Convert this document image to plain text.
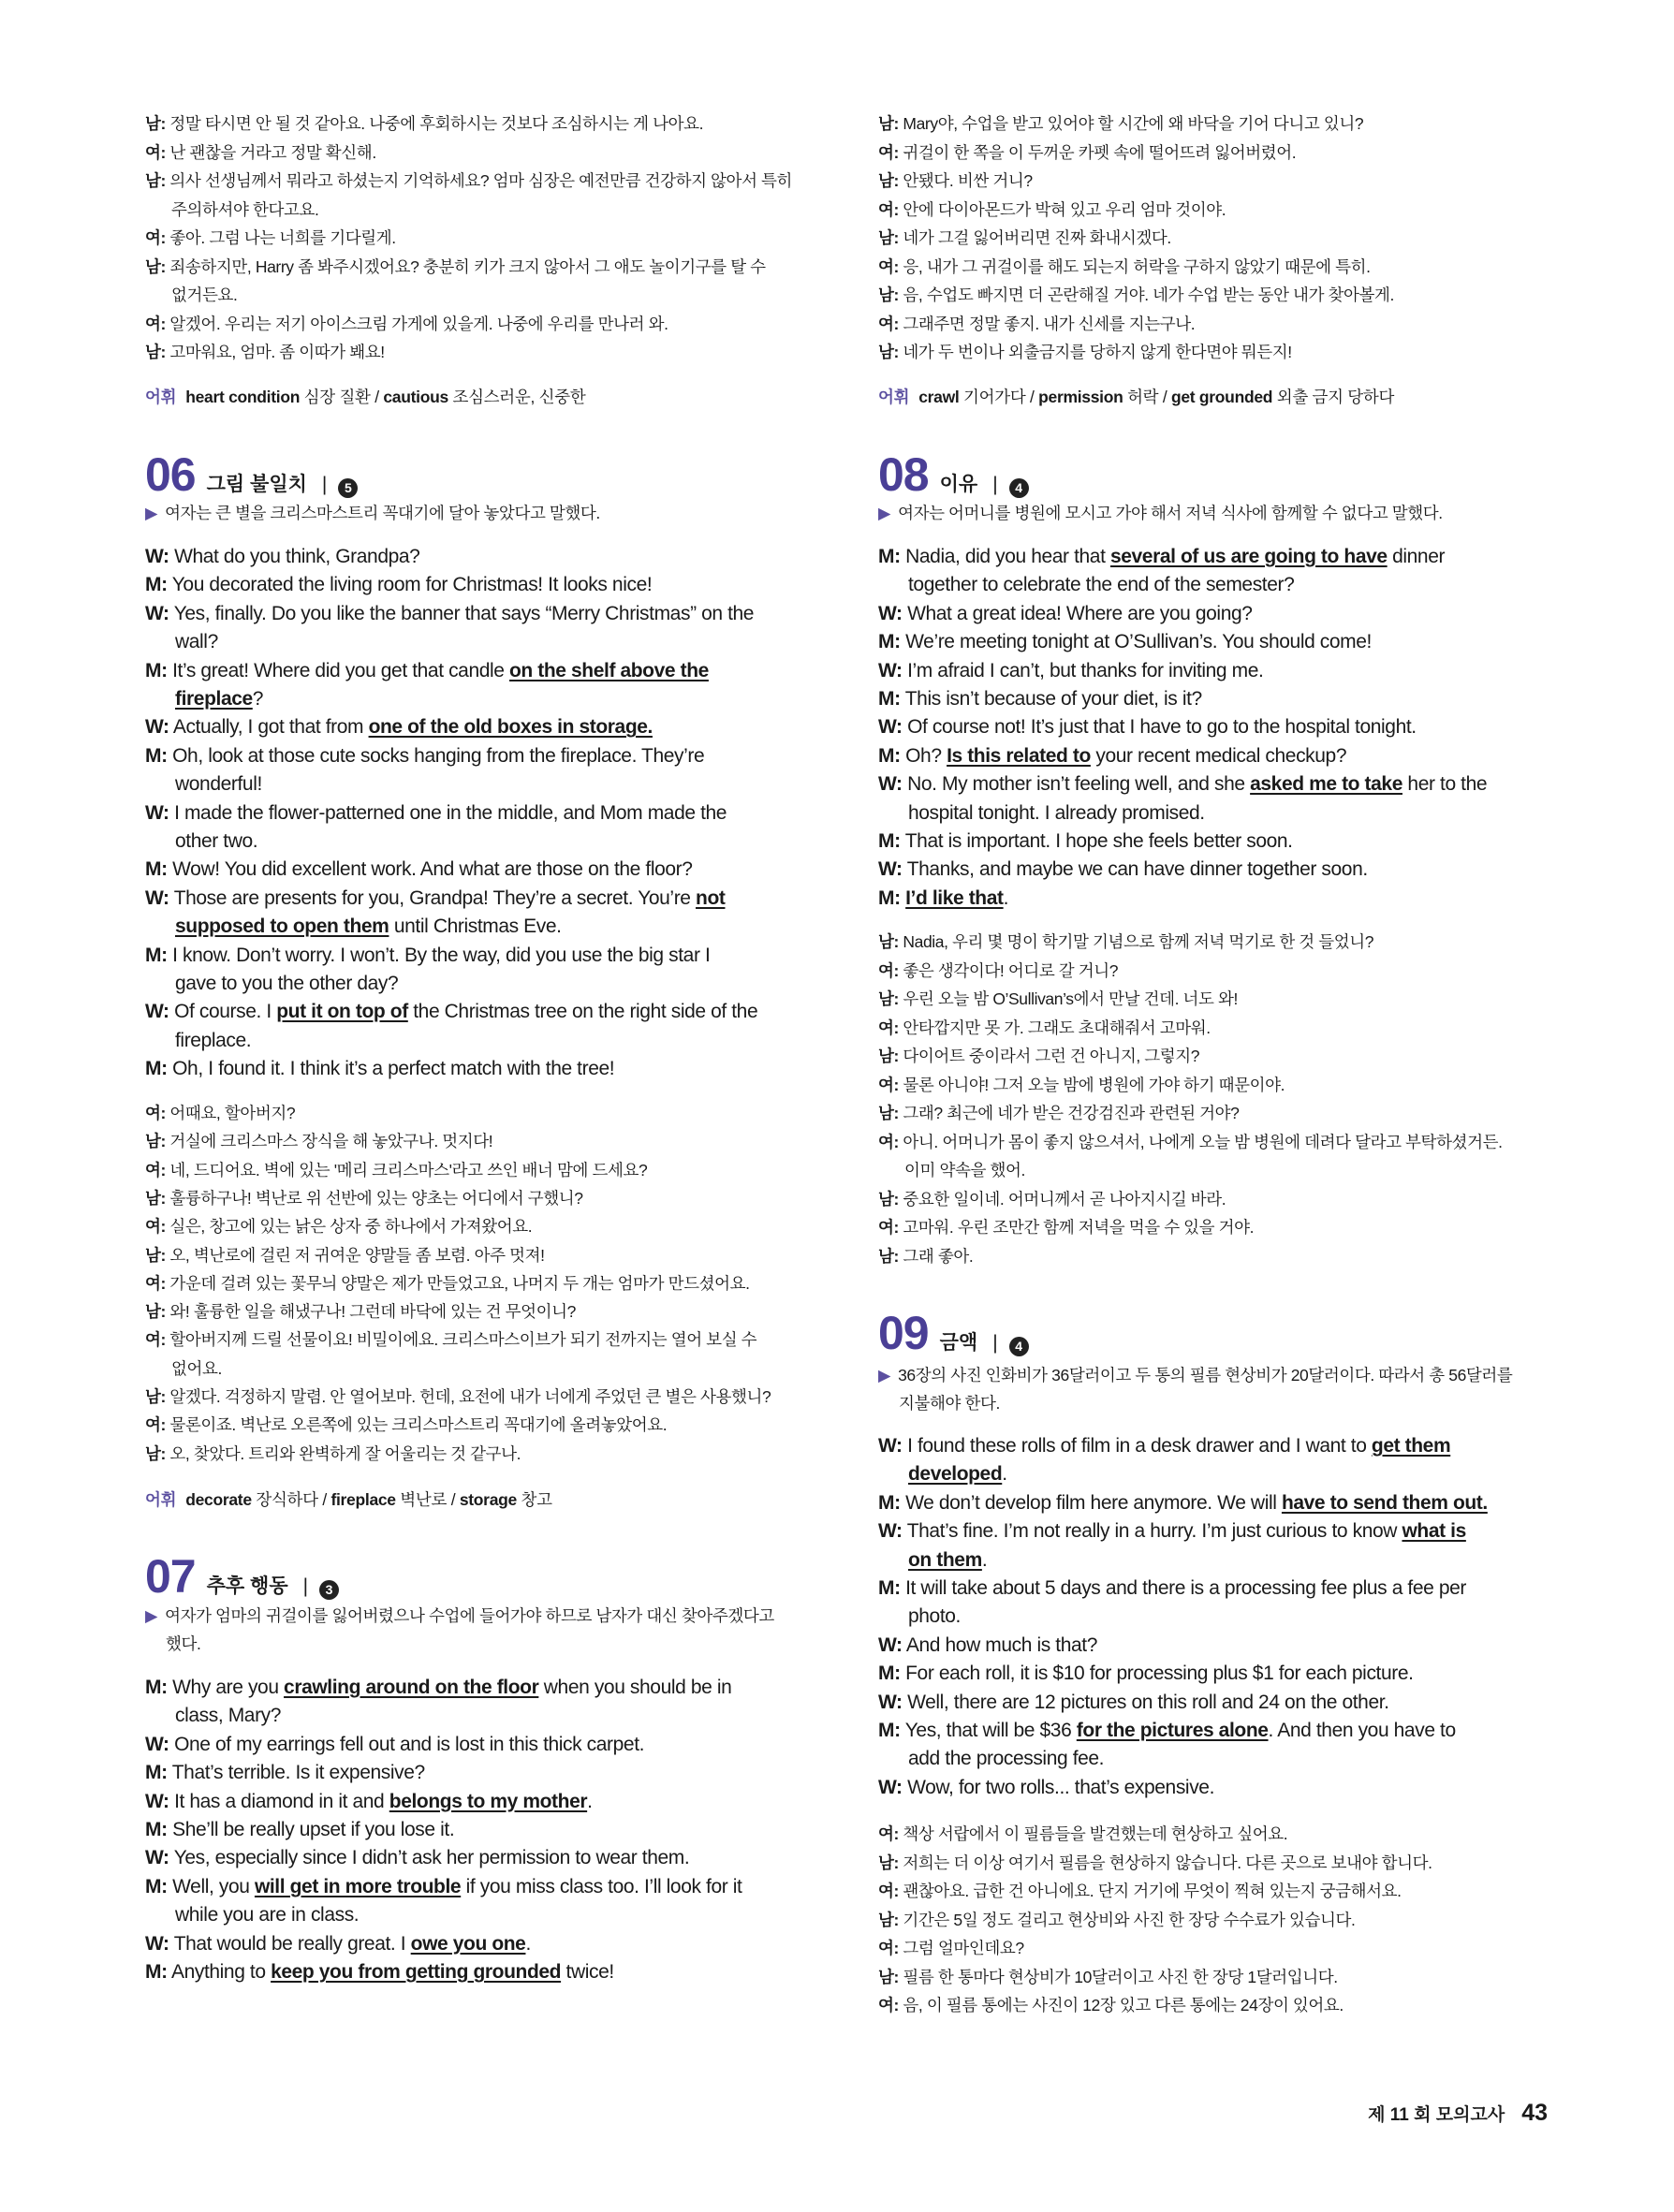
남: 정말 타시면 안 될 것 같아요. 나중에 후회하시는 것보다 조심하시는 게 나아요.
여: 난 괜찮을 거라고 정말 확신해.
남: 의사 선생님께서 뭐라고 하셨는지 기억하세요? 엄마 심장은 예전만큼 건강하지 않아서 특히
주의하셔야 한다고요.
여: 좋아. 그럼 나는 너희를 기다릴게.
남: 죄송하지만, Harry 좀 봐주시겠어요? 충분히 키가 크지 않아서 그 애도 놀이기구를 탈 수
없거든요.
여: 알겠어. 우리는 저기 아이스크림 가게에 있을게. 나중에 우리를 만나러 와.
남: 고마워요, 엄마. 좀 이따가 봬요!
어휘 heart condition 심장 질환 / cautious 조심스러운, 신중한
06 그림 불일치 |	5
▶ 여자는 큰 별을 크리스마스트리 꼭대기에 달아 놓았다고 말했다.
W: What do you think, Grandpa?
M: You decorated the living room for Christmas! It looks nice!
W: Yes, finally. Do you like the banner that says “Merry Christmas” on the
wall?
M: It’s great! Where did you get that candle on the shelf above the
fireplace?
W: Actually, I got that from one of the old boxes in storage.
M: Oh, look at those cute socks hanging from the fireplace. They’re
wonderful!
W: I made the flower-patterned one in the middle, and Mom made the
other two.
M: Wow! You did excellent work. And what are those on the floor?
W: Those are presents for you, Grandpa! They’re a secret. You’re not
supposed to open them until Christmas Eve.
M: I know. Don’t worry. I won’t. By the way, did you use the big star I
gave to you the other day?
W: Of course. I put it on top of the Christmas tree on the right side of the
fireplace.
M: Oh, I found it. I think it’s a perfect match with the tree!
여: 어때요, 할아버지?
남: 거실에 크리스마스 장식을 해 놓았구나. 멋지다!
여: 네, 드디어요. 벽에 있는 '메리 크리스마스'라고 쓰인 배너 맘에 드세요?
남: 훌륭하구나! 벽난로 위 선반에 있는 양초는 어디에서 구했니?
여: 실은, 창고에 있는 낡은 상자 중 하나에서 가져왔어요.
남: 오, 벽난로에 걸린 저 귀여운 양말들 좀 보렴. 아주 멋져!
여: 가운데 걸려 있는 꽃무늬 양말은 제가 만들었고요, 나머지 두 개는 엄마가 만드셨어요.
남: 와! 훌륭한 일을 해냈구나! 그런데 바닥에 있는 건 무엇이니?
여: 할아버지께 드릴 선물이요! 비밀이에요. 크리스마스이브가 되기 전까지는 열어 보실 수
없어요.
남: 알겠다. 걱정하지 말렴. 안 열어보마. 헌데, 요전에 내가 너에게 주었던 큰 별은 사용했니?
여: 물론이죠. 벽난로 오른쪽에 있는 크리스마스트리 꼭대기에 올려놓았어요.
남: 오, 찾았다. 트리와 완벽하게 잘 어울리는 것 같구나.
어휘 decorate 장식하다 / fireplace 벽난로 / storage 창고
07 추후 행동 |	3
▶ 여자가 엄마의 귀걸이를 잃어버렸으나 수업에 들어가야 하므로 남자가 대신 찾아주겠다고
했다.
M: Why are you crawling around on the floor when you should be in
class, Mary?
W: One of my earrings fell out and is lost in this thick carpet.
M: That’s terrible. Is it expensive?
W: It has a diamond in it and belongs to my mother.
M: She’ll be really upset if you lose it.
W: Yes, especially since I didn’t ask her permission to wear them.
M: Well, you will get in more trouble if you miss class too. I’ll look for it
while you are in class.
W: That would be really great. I owe you one.
M: Anything to keep you from getting grounded twice!
남: Mary야, 수업을 받고 있어야 할 시간에 왜 바닥을 기어 다니고 있니?
여: 귀걸이 한 쪽을 이 두꺼운 카펫 속에 떨어뜨려 잃어버렸어.
남: 안됐다. 비싼 거니?
여: 안에 다이아몬드가 박혀 있고 우리 엄마 것이야.
남: 네가 그걸 잃어버리면 진짜 화내시겠다.
여: 응, 내가 그 귀걸이를 해도 되는지 허락을 구하지 않았기 때문에 특히.
남: 음, 수업도 빠지면 더 곤란해질 거야. 네가 수업 받는 동안 내가 찾아볼게.
여: 그래주면 정말 좋지. 내가 신세를 지는구나.
남: 네가 두 번이나 외출금지를 당하지 않게 한다면야 뭐든지!
어휘 crawl 기어가다 / permission 허락 / get grounded 외출 금지 당하다
08 이유 |	4
▶ 여자는 어머니를 병원에 모시고 가야 해서 저녁 식사에 함께할 수 없다고 말했다.
M: Nadia, did you hear that several of us are going to have dinner
together to celebrate the end of the semester?
W: What a great idea! Where are you going?
M: We’re meeting tonight at O’Sullivan’s. You should come!
W: I’m afraid I can’t, but thanks for inviting me.
M: This isn’t because of your diet, is it?
W: Of course not! It’s just that I have to go to the hospital tonight.
M: Oh? Is this related to your recent medical checkup?
W: No. My mother isn’t feeling well, and she asked me to take her to the
hospital tonight. I already promised.
M: That is important. I hope she feels better soon.
W: Thanks, and maybe we can have dinner together soon.
M: I’d like that.
남: Nadia, 우리 몇 명이 학기말 기념으로 함께 저녁 먹기로 한 것 들었니?
여: 좋은 생각이다! 어디로 갈 거니?
남: 우린 오늘 밤 O’Sullivan’s에서 만날 건데. 너도 와!
여: 안타깝지만 못 가. 그래도 초대해줘서 고마워.
남: 다이어트 중이라서 그런 건 아니지, 그렇지?
여: 물론 아니야! 그저 오늘 밤에 병원에 가야 하기 때문이야.
남: 그래? 최근에 네가 받은 건강검진과 관련된 거야?
여: 아니. 어머니가 몸이 좋지 않으셔서, 나에게 오늘 밤 병원에 데려다 달라고 부탁하셨거든.
이미 약속을 했어.
남: 중요한 일이네. 어머니께서 곧 나아지시길 바라.
여: 고마워. 우린 조만간 함께 저녁을 먹을 수 있을 거야.
남: 그래 좋아.
09 금액 |	4
▶ 36장의 사진 인화비가 36달러이고 두 통의 필름 현상비가 20달러이다. 따라서 총 56달러를
지불해야 한다.
W: I found these rolls of film in a desk drawer and I want to get them
developed.
M: We don’t develop film here anymore. We will have to send them out.
W: That’s fine. I’m not really in a hurry. I’m just curious to know what is
on them.
M: It will take about 5 days and there is a processing fee plus a fee per
photo.
W: And how much is that?
M: For each roll, it is $10 for processing plus $1 for each picture.
W: Well, there are 12 pictures on this roll and 24 on the other.
M: Yes, that will be $36 for the pictures alone. And then you have to
add the processing fee.
W: Wow, for two rolls... that’s expensive.
여: 책상 서랍에서 이 필름들을 발견했는데 현상하고 싶어요.
남: 저희는 더 이상 여기서 필름을 현상하지 않습니다. 다른 곳으로 보내야 합니다.
여: 괜찮아요. 급한 건 아니에요. 단지 거기에 무엇이 찍혀 있는지 궁금해서요.
남: 기간은 5일 정도 걸리고 현상비와 사진 한 장당 수수료가 있습니다.
여: 그럼 얼마인데요?
남: 필름 한 통마다 현상비가 10달러이고 사진 한 장당 1달러입니다.
여: 음, 이 필름 통에는 사진이 12장 있고 다른 통에는 24장이 있어요.
제 11 회 모의고사 43
